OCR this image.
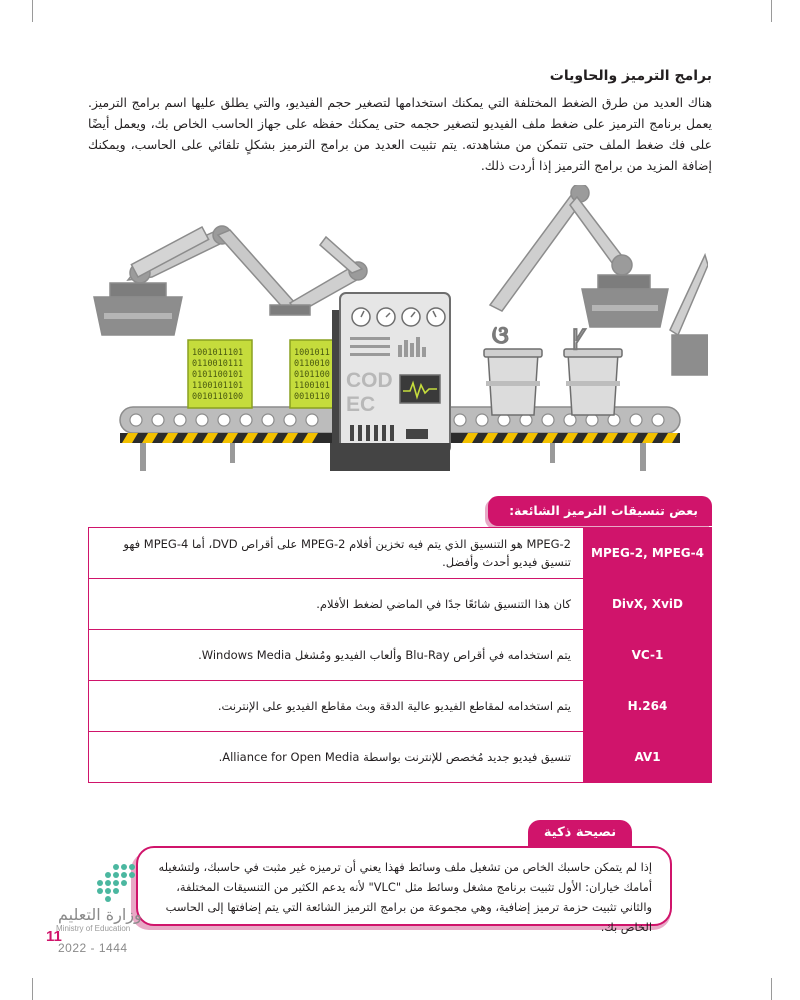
برامج الترميز والحاويات

هناك العديد من طرق الضغط المختلفة التي يمكنك استخدامها لتصغير حجم الفيديو، والتي يطلق عليها اسم برامج الترميز. يعمل برنامج الترميز على ضغط ملف الفيديو لتصغير حجمه حتى يمكنك حفظه على جهاز الحاسب الخاص بك، ويعمل أيضًا على فك ضغط الملف حتى تتمكن من مشاهدته. يتم تثبيت العديد من برامج الترميز بشكلٍ تلقائي على الحاسب، ويمكنك إضافة المزيد من برامج الترميز إذا أردت ذلك.

1001011101
0110010111
0101100101
1100101101
0010110100
1001011
0110010
0101100
1100101
0010110
COD
EC
ଓ ꝩ
بعض تنسيقات الترميز الشائعة:
MPEG-2, MPEG-4	MPEG-2 هو التنسيق الذي يتم فيه تخزين أفلام MPEG-2 على أقراص DVD، أما MPEG-4 فهو تنسيق فيديو أحدث وأفضل.
DivX, XviD	كان هذا التنسيق شائعًا جدًا في الماضي لضغط الأفلام.
VC-1	يتم استخدامه في أقراص Blu-Ray وألعاب الفيديو ومُشغل Windows Media.
H.264	يتم استخدامه لمقاطع الفيديو عالية الدقة وبث مقاطع الفيديو على الإنترنت.
AV1	تنسيق فيديو جديد مُخصص للإنترنت بواسطة Alliance for Open Media.
نصيحة ذكية

إذا لم يتمكن حاسبك الخاص من تشغيل ملف وسائط فهذا يعني أن ترميزه غير مثبت في حاسبك، ولتشغيله أمامك خياران: الأول تثبيت برنامج مشغل وسائط مثل "VLC" لأنه يدعم الكثير من التنسيقات المختلفة، والثاني تثبيت حزمة ترميز إضافية، وهي مجموعة من برامج الترميز الشائعة التي يتم إضافتها إلى الحاسب الخاص بك.

وزارة التعليم
Ministry of Education
11
2022 - 1444
